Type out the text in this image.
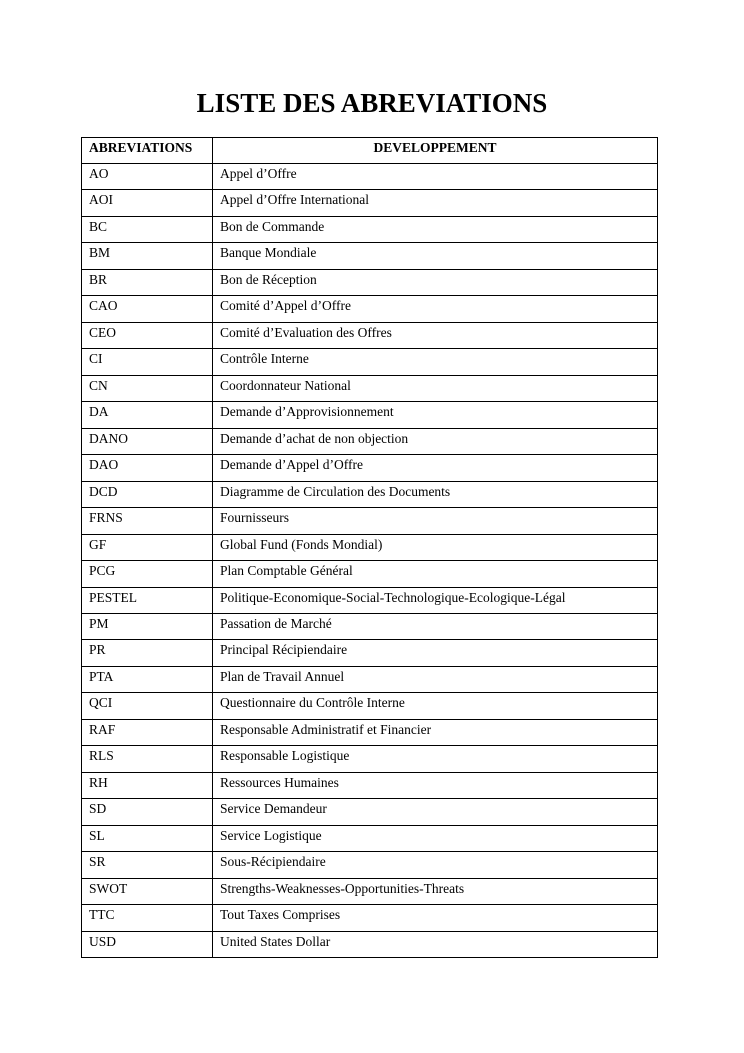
LISTE DES ABREVIATIONS
ABREVIATIONS	DEVELOPPEMENT
AO	Appel d’Offre
AOI	Appel d’Offre International
BC	Bon de Commande
BM	Banque Mondiale
BR	Bon de Réception
CAO	Comité d’Appel d’Offre
CEO	Comité d’Evaluation des Offres
CI	Contrôle Interne
CN	Coordonnateur National
DA	Demande d’Approvisionnement
DANO	Demande d’achat de non objection
DAO	Demande d’Appel d’Offre
DCD	Diagramme de Circulation des Documents
FRNS	Fournisseurs
GF	Global Fund (Fonds Mondial)
PCG	Plan Comptable Général
PESTEL	Politique-Economique-Social-Technologique-Ecologique-Légal
PM	Passation de Marché
PR	Principal Récipiendaire
PTA	Plan de Travail Annuel
QCI	Questionnaire du Contrôle Interne
RAF	Responsable Administratif et Financier
RLS	Responsable Logistique
RH	Ressources Humaines
SD	Service Demandeur
SL	Service Logistique
SR	Sous-Récipiendaire
SWOT	Strengths-Weaknesses-Opportunities-Threats
TTC	Tout Taxes Comprises
USD	United States Dollar
